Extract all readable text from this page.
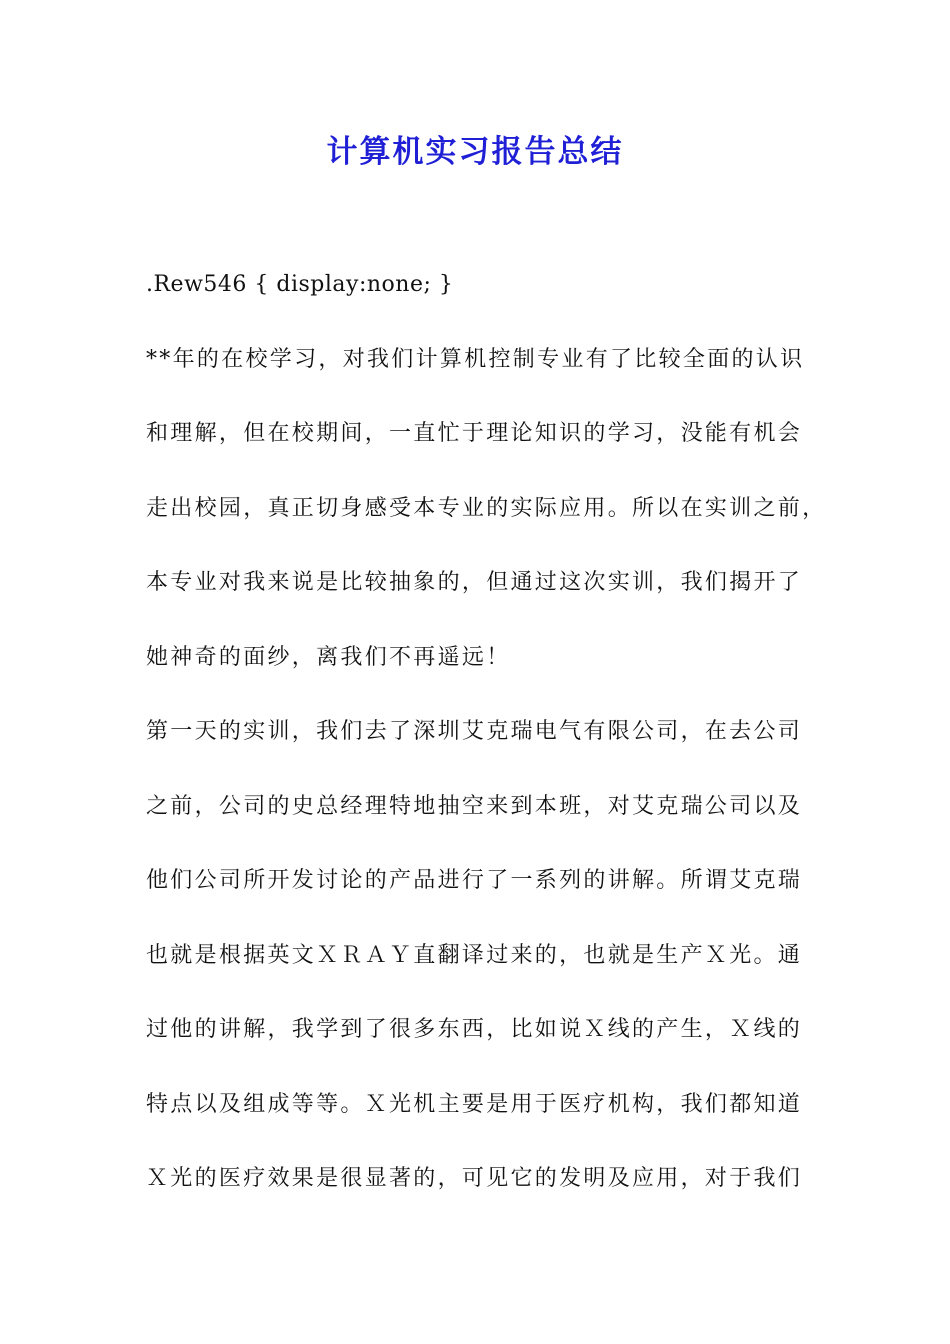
计算机实习报告总结

.Rew546 { display:none; }

**年的在校学习，对我们计算机控制专业有了比较全面的认识

和理解，但在校期间，一直忙于理论知识的学习，没能有机会

走出校园，真正切身感受本专业的实际应用。所以在实训之前，

本专业对我来说是比较抽象的，但通过这次实训，我们揭开了

她神奇的面纱，离我们不再遥远！

第一天的实训，我们去了深圳艾克瑞电气有限公司，在去公司

之前，公司的史总经理特地抽空来到本班，对艾克瑞公司以及

他们公司所开发讨论的产品进行了一系列的讲解。所谓艾克瑞

也就是根据英文ＸＲＡＹ直翻译过来的，也就是生产Ｘ光。通

过他的讲解，我学到了很多东西，比如说Ｘ线的产生，Ｘ线的

特点以及组成等等。Ｘ光机主要是用于医疗机构，我们都知道

Ｘ光的医疗效果是很显著的，可见它的发明及应用，对于我们
